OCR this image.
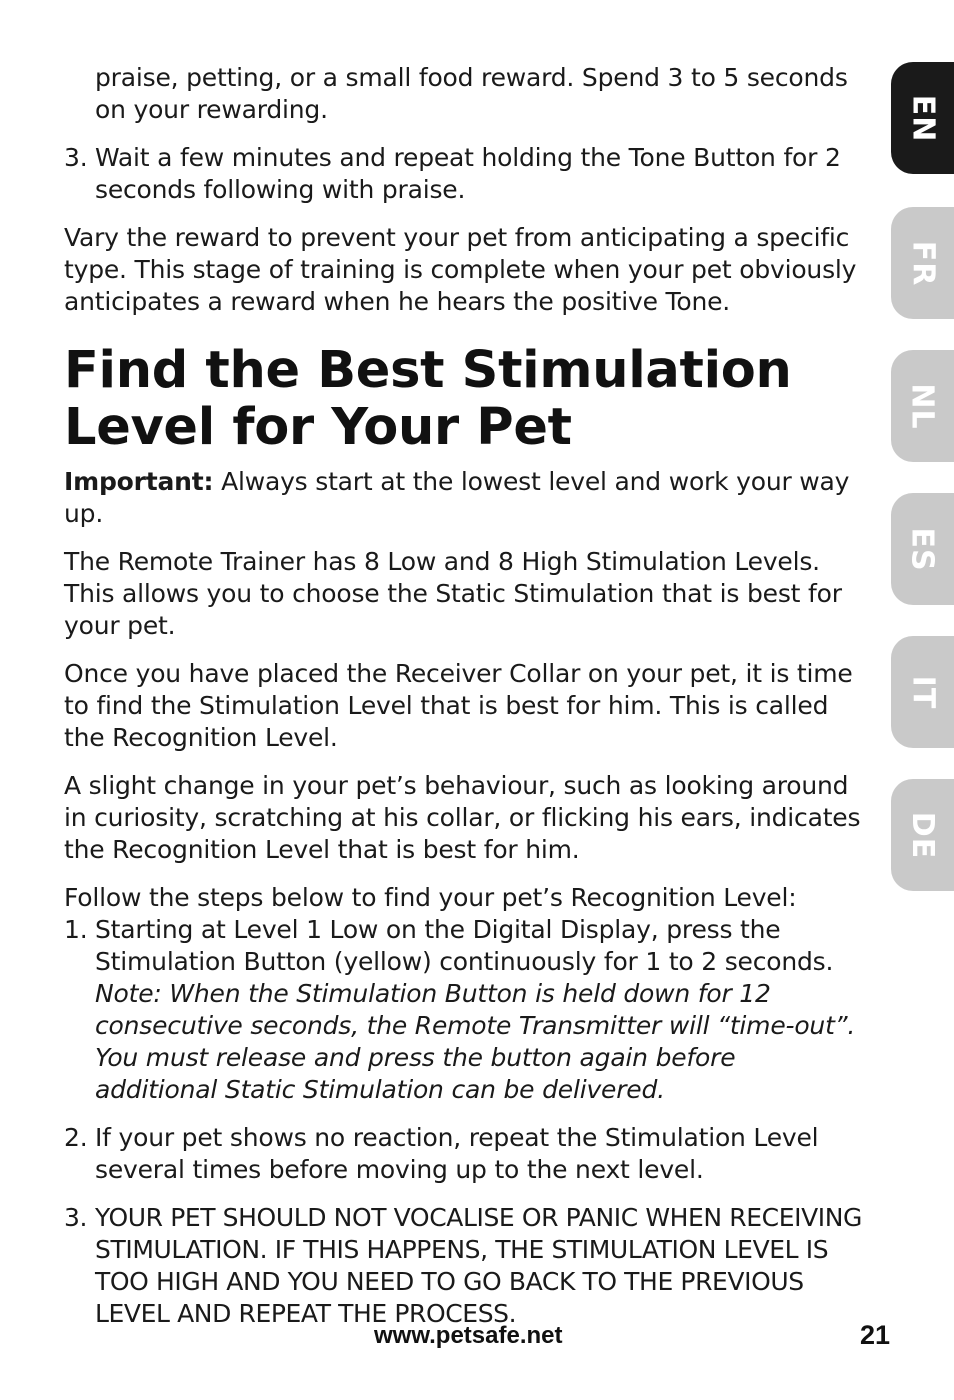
praise, petting, or a small food reward. Spend 3 to 5 seconds on your rewarding.

3. Wait a few minutes and repeat holding the Tone Button for 2 seconds following with praise.

Vary the reward to prevent your pet from anticipating a specific type. This stage of training is complete when your pet obviously anticipates a reward when he hears the positive Tone.

Find the Best Stimulation Level for Your Pet

Important: Always start at the lowest level and work your way up.

The Remote Trainer has 8 Low and 8 High Stimulation Levels. This allows you to choose the Static Stimulation that is best for your pet.

Once you have placed the Receiver Collar on your pet, it is time to find the Stimulation Level that is best for him. This is called the Recognition Level.

A slight change in your pet’s behaviour, such as looking around in curiosity, scratching at his collar, or flicking his ears, indicates the Recognition Level that is best for him.

Follow the steps below to find your pet’s Recognition Level:

1. Starting at Level 1 Low on the Digital Display, press the Stimulation Button (yellow) continuously for 1 to 2 seconds. Note: When the Stimulation Button is held down for 12 consecutive seconds, the Remote Transmitter will “time-out”. You must release and press the button again before additional Static Stimulation can be delivered.
2. If your pet shows no reaction, repeat the Stimulation Level several times before moving up to the next level.
3. YOUR PET SHOULD NOT VOCALISE OR PANIC WHEN RECEIVING STIMULATION. IF THIS HAPPENS, THE STIMULATION LEVEL IS TOO HIGH AND YOU NEED TO GO BACK TO THE PREVIOUS LEVEL AND REPEAT THE PROCESS.
EN
FR
NL
ES
IT
DE
www.petsafe.net	21
